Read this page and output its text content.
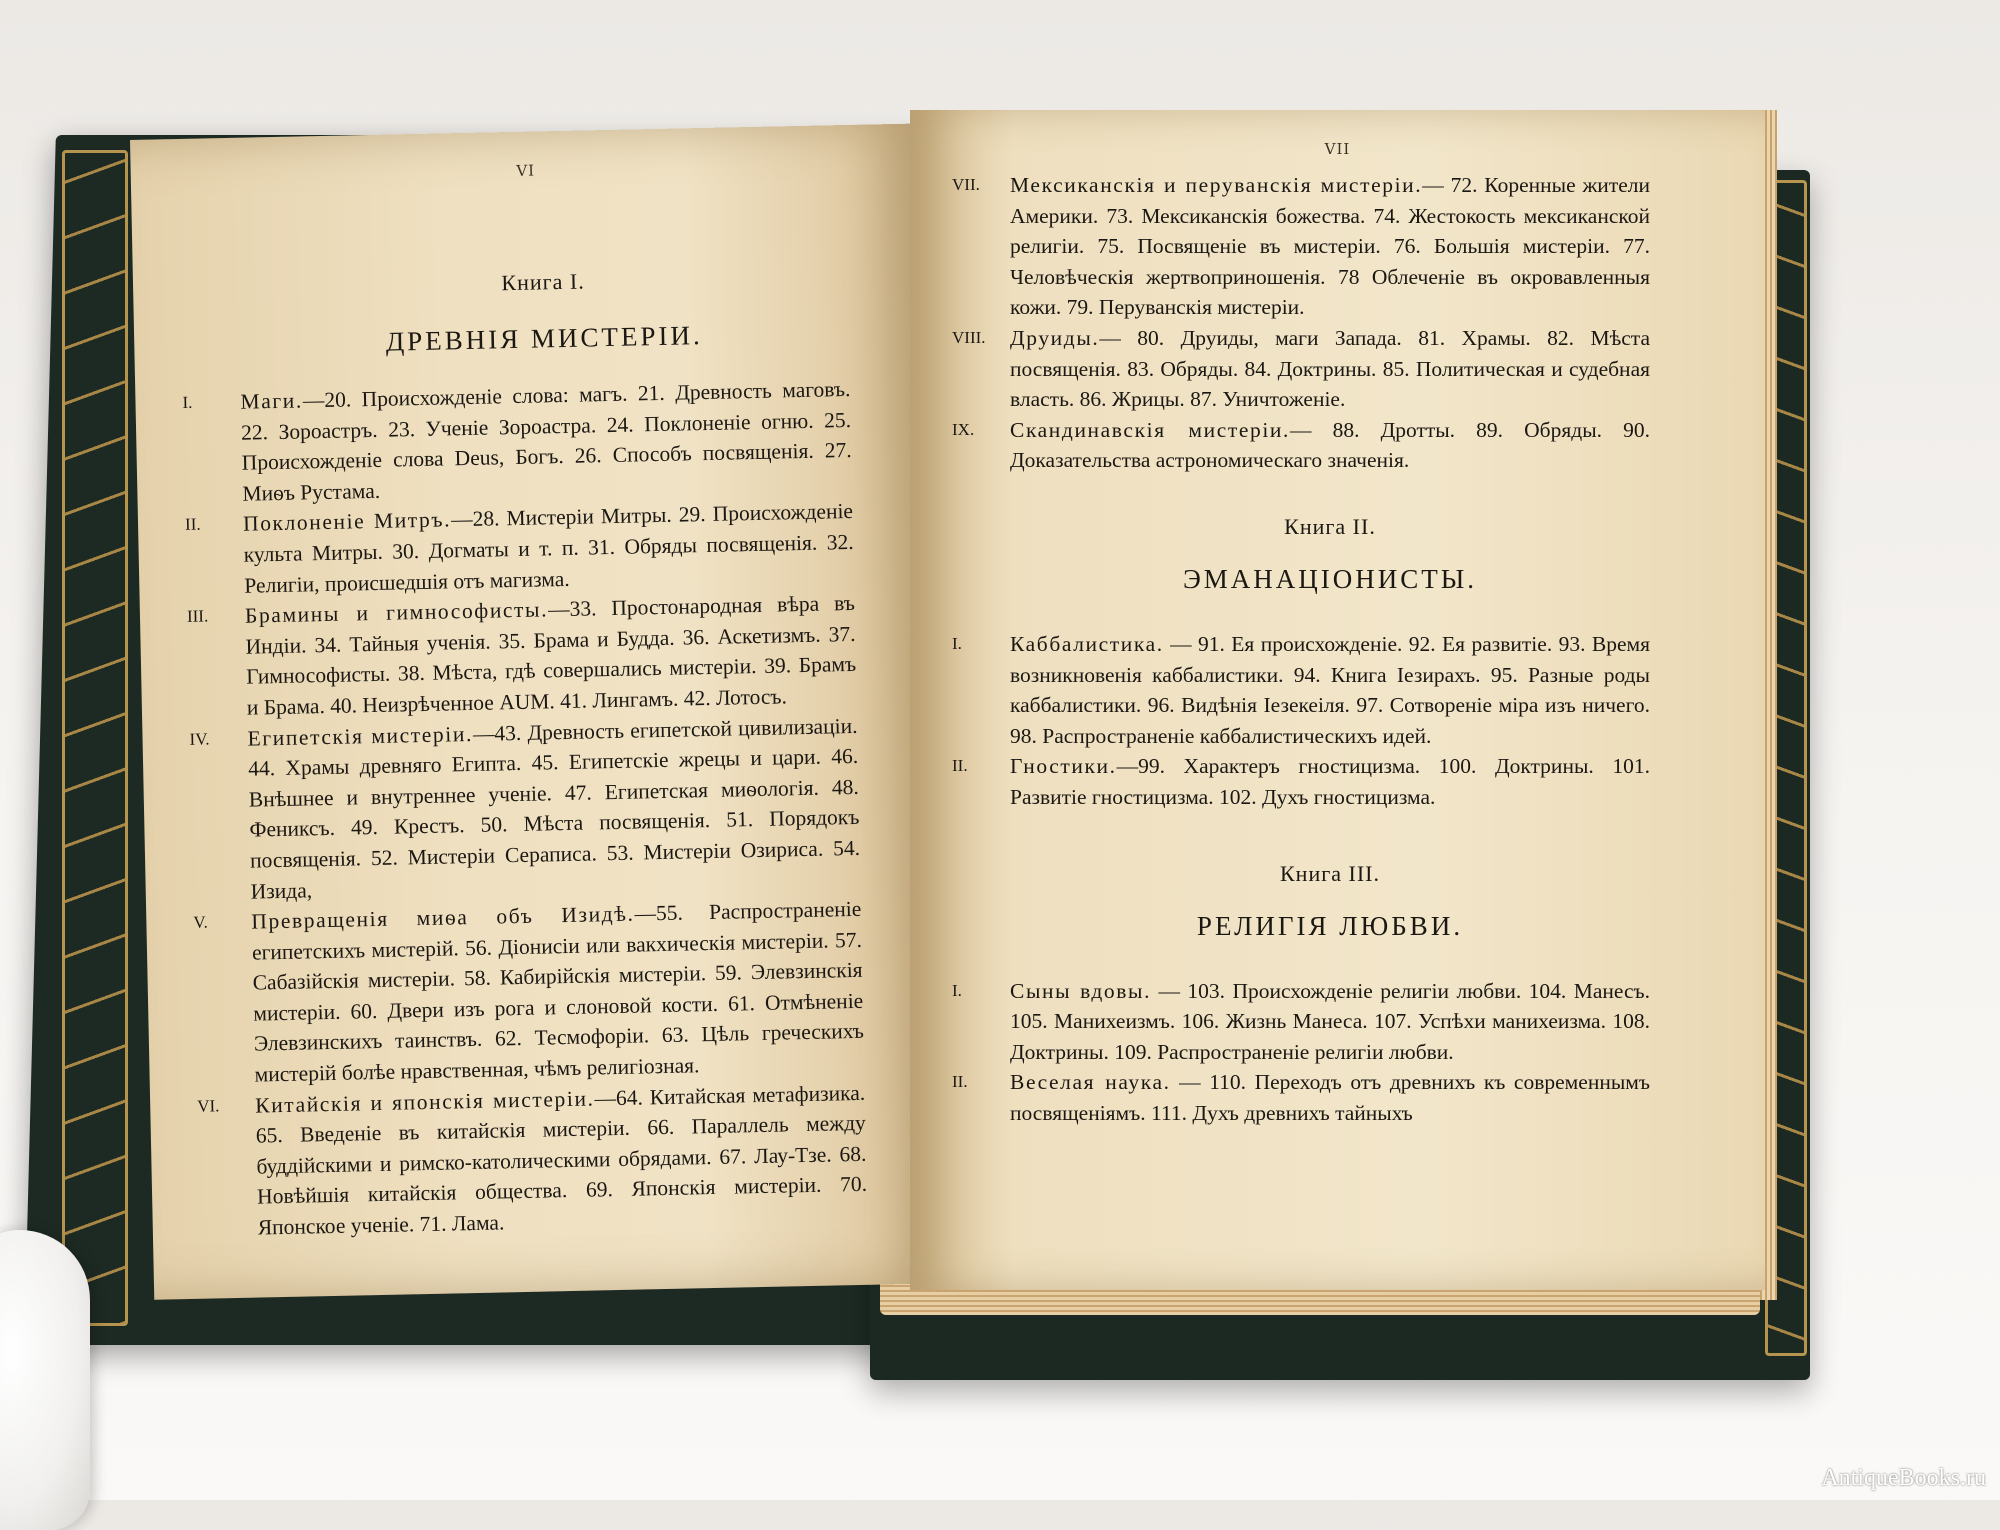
VI

Книга I.

ДРЕВНIЯ МИСТЕРIИ.

I.	Маги.—20. Происхожденiе слова: магъ. 21. Древность маговъ. 22. Зороастръ. 23. Ученiе Зороастра. 24. Поклоненiе огню. 25. Происхожденiе слова Deus, Богъ. 26. Способъ посвященiя. 27. Миѳъ Рустама.

II.	Поклоненiе Митръ.—28. Мистерiи Митры. 29. Происхожденiе культа Митры. 30. Догматы и т. п. 31. Обряды посвященiя. 32. Религiи, происшедшiя отъ магизма.

III.	Брамины и гимнософисты.—33. Простонародная вѣра въ Индiи. 34. Тайныя ученiя. 35. Брама и Будда. 36. Аскетизмъ. 37. Гимнософисты. 38. Мѣста, гдѣ совершались мистерiи. 39. Брамъ и Брама. 40. Неизрѣченное AUM. 41. Лингамъ. 42. Лотосъ.

IV.	Египетскiя мистерiи.—43. Древность египетской цивилизацiи. 44. Храмы древняго Египта. 45. Египетскiе жрецы и цари. 46. Внѣшнее и внутреннее ученiе. 47. Египетская миѳологiя. 48. Фениксъ. 49. Крестъ. 50. Мѣста посвященiя. 51. Порядокъ посвященiя. 52. Мистерiи Сераписа. 53. Мистерiи Озириса. 54. Изида,

V.	Превращенiя миѳа объ Изидѣ.—55. Распространенiе египетскихъ мистерiй. 56. Дiонисiи или вакхическiя мистерiи. 57. Сабазiйскiя мистерiи. 58. Кабирiйскiя мистерiи. 59. Элевзинскiя мистерiи. 60. Двери изъ рога и слоновой кости. 61. Отмѣненiе Элевзинскихъ таинствъ. 62. Тесмофорiи. 63. Цѣль греческихъ мистерiй болѣе нравственная, чѣмъ религiозная.

VI.	Китайскiя и японскiя мистерiи.—64. Китайская метафизика. 65. Введенiе въ китайскiя мистерiи. 66. Параллель между буддiйскими и римско-католическими обрядами. 67. Лау-Тзе. 68. Новѣйшiя китайскiя общества. 69. Японскiя мистерiи. 70. Японское ученiе. 71. Лама.

VII

VII.	Мексиканскiя и перуванскiя мистерiи.— 72. Коренные жители Америки. 73. Мексиканскiя божества. 74. Жестокость мексиканской религiи. 75. Посвященiе въ мистерiи. 76. Большiя мистерiи. 77. Человѣческiя жертвоприношенiя. 78 Облеченiе въ окровавленныя кожи. 79. Перуванскiя мистерiи.

VIII.	Друиды.— 80. Друиды, маги Запада. 81. Храмы. 82. Мѣста посвященiя. 83. Обряды. 84. Доктрины. 85. Политическая и судебная власть. 86. Жрицы. 87. Уничтоженiе.

IX.	Скандинавскiя мистерiи.— 88. Дротты. 89. Обряды. 90. Доказательства астрономическаго значенiя.

Книга II.

ЭМАНАЦIОНИСТЫ.

I.	Каббалистика. — 91. Ея происхожденiе. 92. Ея развитiе. 93. Время возникновенiя каббалистики. 94. Книга Iезирахъ. 95. Разные роды каббалистики. 96. Видѣнiя Iезекеiля. 97. Сотворенiе мiра изъ ничего. 98. Распространенiе каббалистическихъ идей.

II.	Гностики.—99. Характеръ гностицизма. 100. Доктрины. 101. Развитiе гностицизма. 102. Духъ гностицизма.

Книга III.

РЕЛИГIЯ ЛЮБВИ.

I.	Сыны вдовы. — 103. Происхожденiе религiи любви. 104. Манесъ. 105. Манихеизмъ. 106. Жизнь Манеса. 107. Успѣхи манихеизма. 108. Доктрины. 109. Распространенiе религiи любви.

II.	Веселая наука. — 110. Переходъ отъ древнихъ къ современнымъ посвященiямъ. 111. Духъ древнихъ тайныхъ

AntiqueBooks.ru
